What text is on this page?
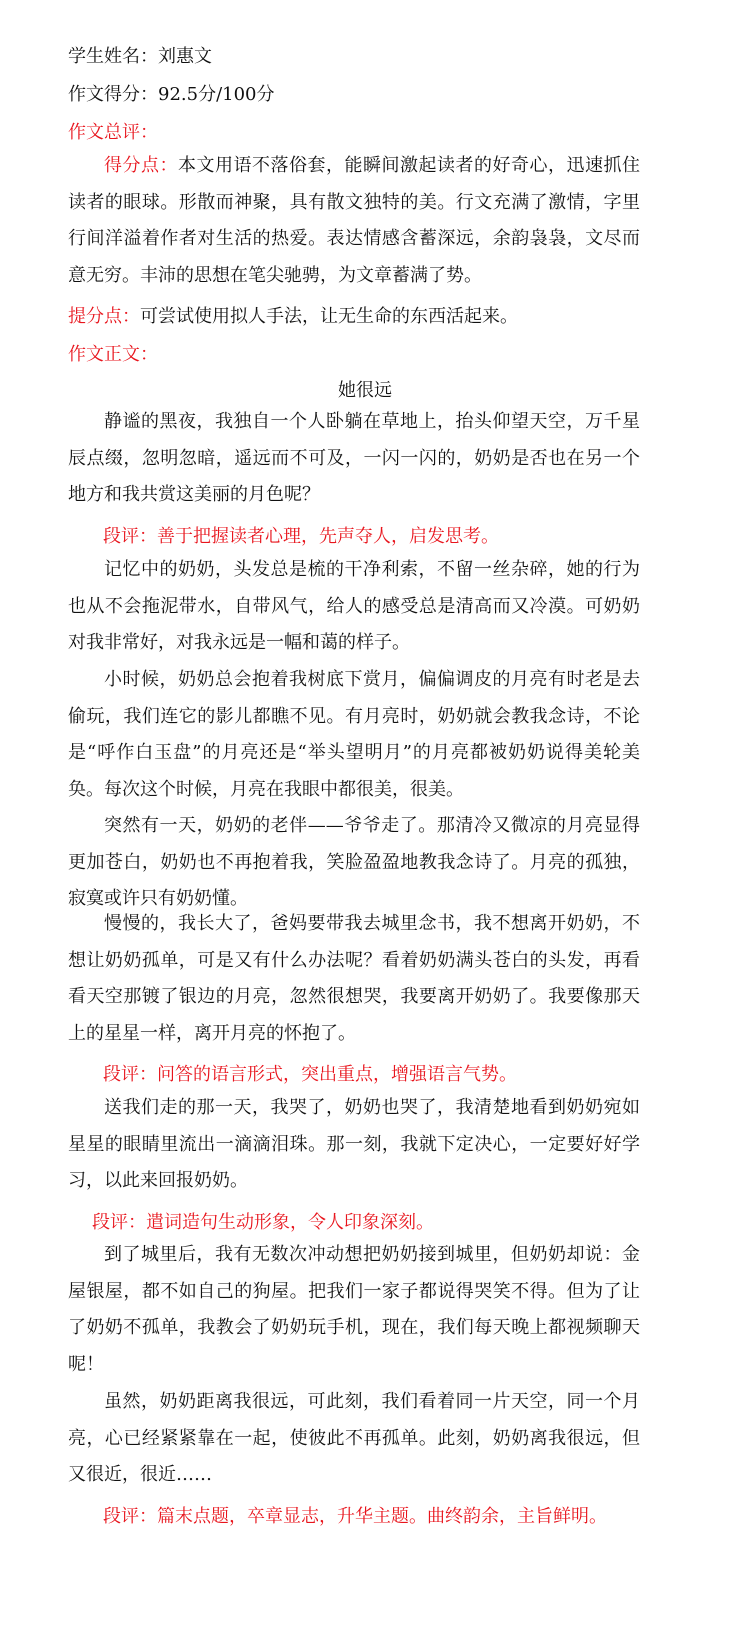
学生姓名：刘惠文
作文得分：92.5分/100分
作文总评：

得分点：本文用语不落俗套，能瞬间激起读者的好奇心，迅速抓住读者的眼球。形散而神聚，具有散文独特的美。行文充满了激情，字里行间洋溢着作者对生活的热爱。表达情感含蓄深远，余韵袅袅，文尽而意无穷。丰沛的思想在笔尖驰骋，为文章蓄满了势。

提分点：可尝试使用拟人手法，让无生命的东西活起来。
作文正文：
她很远

静谧的黑夜，我独自一个人卧躺在草地上，抬头仰望天空，万千星辰点缀，忽明忽暗，遥远而不可及，一闪一闪的，奶奶是否也在另一个地方和我共赏这美丽的月色呢？

段评：善于把握读者心理，先声夺人，启发思考。

记忆中的奶奶，头发总是梳的干净利索，不留一丝杂碎，她的行为也从不会拖泥带水，自带风气，给人的感受总是清高而又冷漠。可奶奶对我非常好，对我永远是一幅和蔼的样子。

小时候，奶奶总会抱着我树底下赏月，偏偏调皮的月亮有时老是去偷玩，我们连它的影儿都瞧不见。有月亮时，奶奶就会教我念诗，不论是“呼作白玉盘”的月亮还是“举头望明月”的月亮都被奶奶说得美轮美奂。每次这个时候，月亮在我眼中都很美，很美。

突然有一天，奶奶的老伴——爷爷走了。那清冷又微凉的月亮显得更加苍白，奶奶也不再抱着我，笑脸盈盈地教我念诗了。月亮的孤独，寂寞或许只有奶奶懂。

慢慢的，我长大了，爸妈要带我去城里念书，我不想离开奶奶，不想让奶奶孤单，可是又有什么办法呢？看着奶奶满头苍白的头发，再看看天空那镀了银边的月亮，忽然很想哭，我要离开奶奶了。我要像那天上的星星一样，离开月亮的怀抱了。

段评：问答的语言形式，突出重点，增强语言气势。

送我们走的那一天，我哭了，奶奶也哭了，我清楚地看到奶奶宛如星星的眼睛里流出一滴滴泪珠。那一刻，我就下定决心，一定要好好学习，以此来回报奶奶。

段评：遣词造句生动形象，令人印象深刻。

到了城里后，我有无数次冲动想把奶奶接到城里，但奶奶却说：金屋银屋，都不如自己的狗屋。把我们一家子都说得哭笑不得。但为了让了奶奶不孤单，我教会了奶奶玩手机，现在，我们每天晚上都视频聊天呢！

虽然，奶奶距离我很远，可此刻，我们看着同一片天空，同一个月亮，心已经紧紧靠在一起，使彼此不再孤单。此刻，奶奶离我很远，但又很近，很近……

段评：篇末点题，卒章显志，升华主题。曲终韵余，主旨鲜明。
